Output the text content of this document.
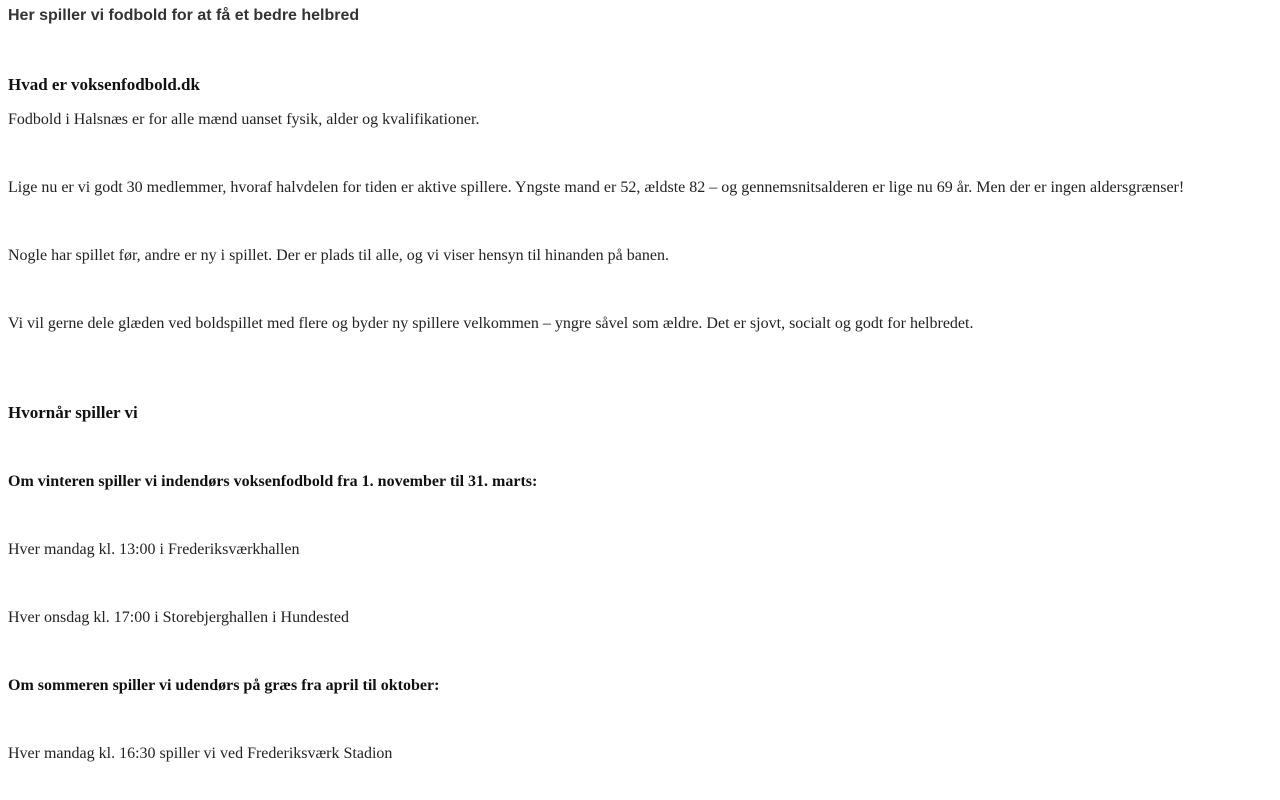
Her spiller vi fodbold for at få et bedre helbred
Hvad er voksenfodbold.dk

Fodbold i Halsnæs er for alle mænd uanset fysik, alder og kvalifikationer.

Lige nu er vi godt 30 medlemmer, hvoraf halvdelen for tiden er aktive spillere. Yngste mand er 52, ældste 82 – og gennemsnitsalderen er lige nu 69 år. Men der er ingen aldersgrænser!

Nogle har spillet før, andre er ny i spillet. Der er plads til alle, og vi viser hensyn til hinanden på banen.

Vi vil gerne dele glæden ved boldspillet med flere og byder ny spillere velkommen – yngre såvel som ældre. Det er sjovt, socialt og godt for helbredet.

Hvornår spiller vi

Om vinteren spiller vi indendørs voksenfodbold fra 1. november til 31. marts:

Hver mandag kl. 13:00 i Frederiksværkhallen

Hver onsdag kl. 17:00 i Storebjerghallen i Hundested

Om sommeren spiller vi udendørs på græs fra april til oktober:

Hver mandag kl. 16:30 spiller vi ved Frederiksværk Stadion
